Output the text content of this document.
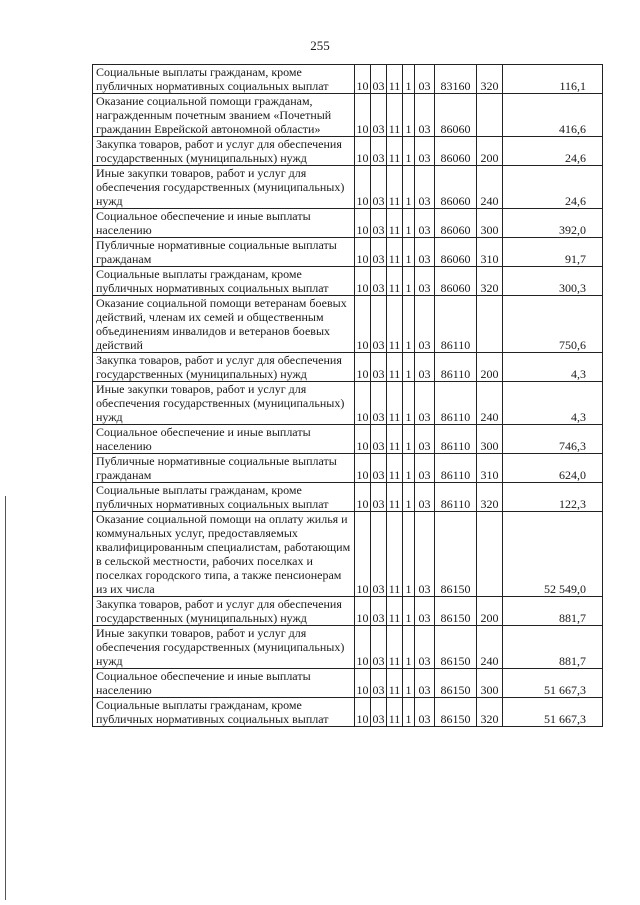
255
Социальные выплаты гражданам, кроме публичных нормативных социальных выплат	10	03	11	1	03	83160	320	116,1
Оказание социальной помощи гражданам, награжденным почетным званием «Почетный гражданин Еврейской автономной области»	10	03	11	1	03	86060		416,6
Закупка товаров, работ и услуг для обеспечения государственных (муниципальных) нужд	10	03	11	1	03	86060	200	24,6
Иные закупки товаров, работ и услуг для обеспечения государственных (муниципальных) нужд	10	03	11	1	03	86060	240	24,6
Социальное обеспечение и иные выплаты населению	10	03	11	1	03	86060	300	392,0
Публичные нормативные социальные выплаты гражданам	10	03	11	1	03	86060	310	91,7
Социальные выплаты гражданам, кроме публичных нормативных социальных выплат	10	03	11	1	03	86060	320	300,3
Оказание социальной помощи ветеранам боевых действий, членам их семей и общественным объединениям инвалидов и ветеранов боевых действий	10	03	11	1	03	86110		750,6
Закупка товаров, работ и услуг для обеспечения государственных (муниципальных) нужд	10	03	11	1	03	86110	200	4,3
Иные закупки товаров, работ и услуг для обеспечения государственных (муниципальных) нужд	10	03	11	1	03	86110	240	4,3
Социальное обеспечение и иные выплаты населению	10	03	11	1	03	86110	300	746,3
Публичные нормативные социальные выплаты гражданам	10	03	11	1	03	86110	310	624,0
Социальные выплаты гражданам, кроме публичных нормативных социальных выплат	10	03	11	1	03	86110	320	122,3
Оказание социальной помощи на оплату жилья и коммунальных услуг, предоставляемых квалифицированным специалистам, работающим в сельской местности, рабочих поселках и поселках городского типа, а также пенсионерам из их числа	10	03	11	1	03	86150		52 549,0
Закупка товаров, работ и услуг для обеспечения государственных (муниципальных) нужд	10	03	11	1	03	86150	200	881,7
Иные закупки товаров, работ и услуг для обеспечения государственных (муниципальных) нужд	10	03	11	1	03	86150	240	881,7
Социальное обеспечение и иные выплаты населению	10	03	11	1	03	86150	300	51 667,3
Социальные выплаты гражданам, кроме публичных нормативных социальных выплат	10	03	11	1	03	86150	320	51 667,3
